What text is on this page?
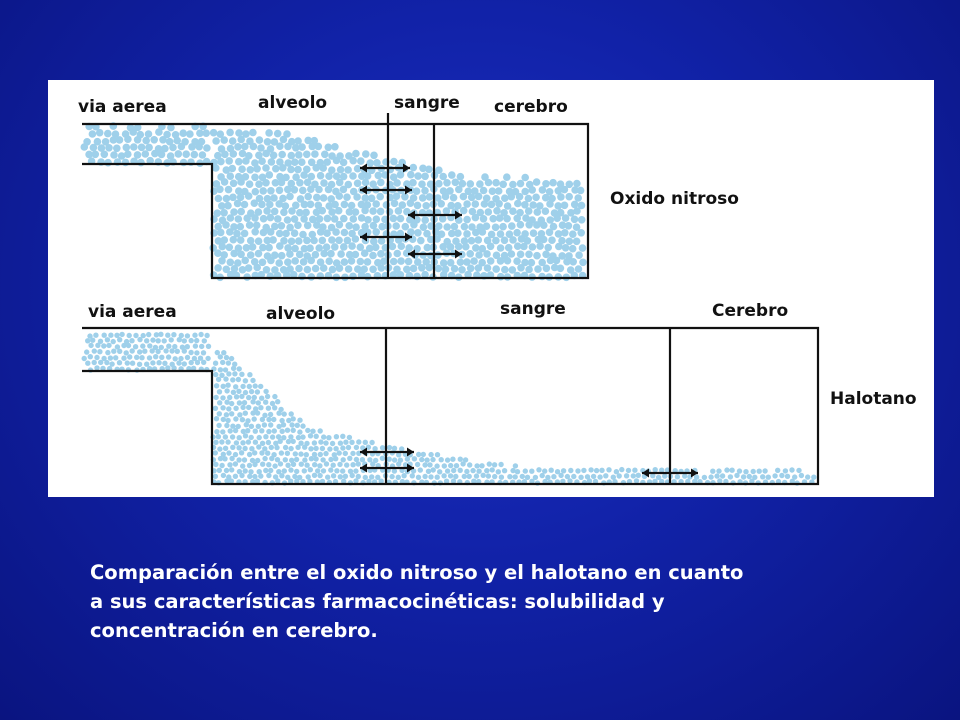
via aerea	alveolo	sangre cerebro
Oxido nitroso
via aerea	alveolo	sangre	Cerebro
Halotano
Comparación entre el oxido nitroso y el halotano en cuanto
a sus características farmacocinéticas: solubilidad y
concentración en cerebro.
